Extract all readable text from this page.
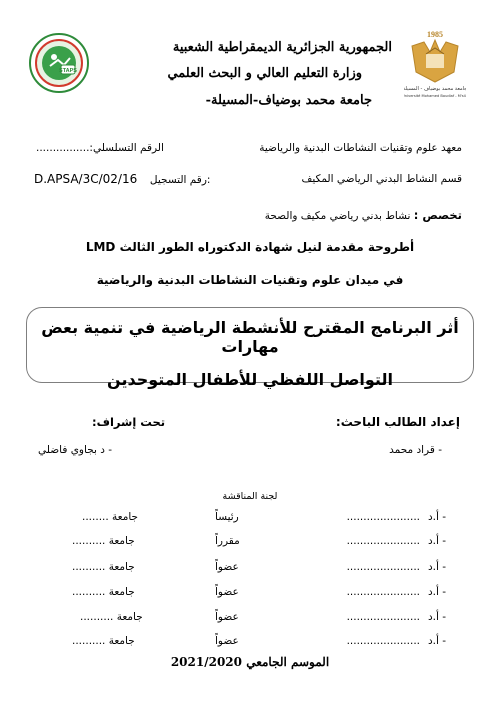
STAPS
الجمهورية الجزائرية الديمقراطية الشعبية
وزارة التعليم العالي و البحث العلمي
جامعة محمد بوضياف-المسيلة-
1985
جامعة محمد بوضياف - المسيلة
Université Mohamed Boudiaf - M'sila
معهد علوم وتقنيات النشاطات البدنية والرياضية
الرقم التسلسلي:................
قسم النشاط البدني الرياضي المكيف
D.APSA/3C/02/16 رقم التسجيل:
تخصص : نشاط بدني رياضي مكيف والصحة
أطروحة مقدمة لنيل شهادة الدكتوراه الطور الثالث LMD
في ميدان علوم وتقنيات النشاطات البدنية والرياضية
أثر البرنامج المقترح للأنشطة الرياضية في تنمية بعض مهارات
التواصل اللفظي للأطفال المتوحدين
إعداد الطالب الباحث:
تحت إشراف:
- قراد محمد
- د بجاوي فاضلي
لجنة المناقشة
- أ.د
......................
رئيساً
جامعة ........
- أ.د
......................
مقرراً
جامعة ..........
- أ.د
......................
عضواً
جامعة ..........
- أ.د
......................
عضواً
جامعة ..........
- أ.د
......................
عضواً
جامعة ..........
- أ.د
......................
عضواً
جامعة ..........
الموسم الجامعي 2021/2020
